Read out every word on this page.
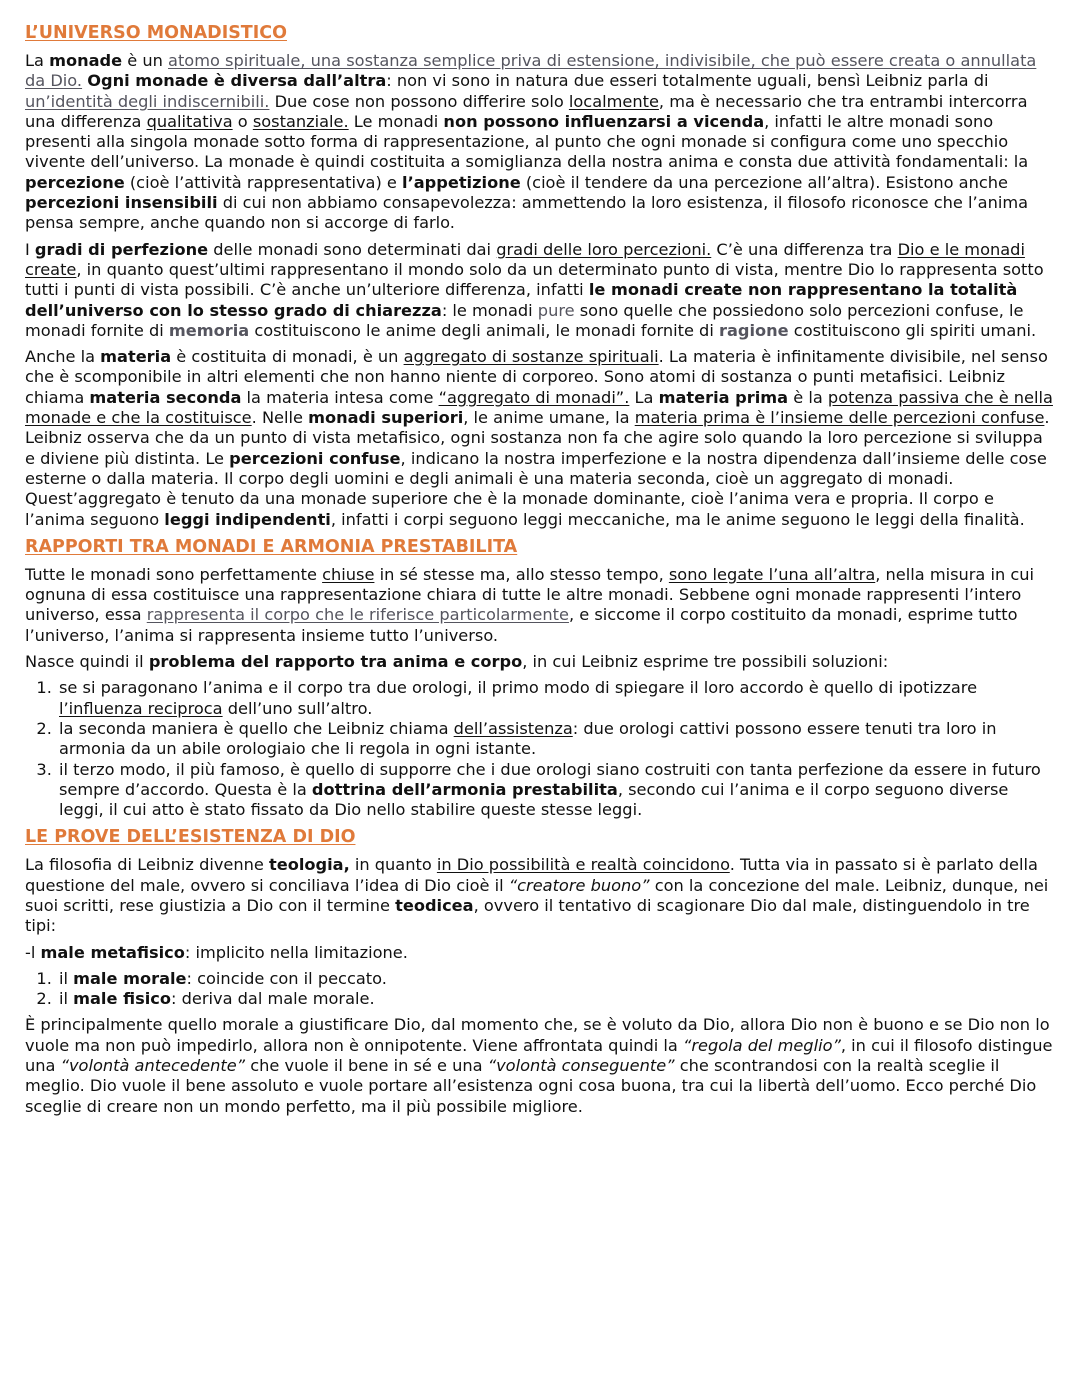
L’UNIVERSO MONADISTICO

La monade è un atomo spirituale, una sostanza semplice priva di estensione, indivisibile, che può essere creata o annullata da Dio. Ogni monade è diversa dall’altra: non vi sono in natura due esseri totalmente uguali, bensì Leibniz parla di un’identità degli indiscernibili. Due cose non possono differire solo localmente, ma è necessario che tra entrambi intercorra una differenza qualitativa o sostanziale. Le monadi non possono influenzarsi a vicenda, infatti le altre monadi sono presenti alla singola monade sotto forma di rappresentazione, al punto che ogni monade si configura come uno specchio vivente dell’universo. La monade è quindi costituita a somiglianza della nostra anima e consta due attività fondamentali: la percezione (cioè l’attività rappresentativa) e l’appetizione (cioè il tendere da una percezione all’altra). Esistono anche percezioni insensibili di cui non abbiamo consapevolezza: ammettendo la loro esistenza, il filosofo riconosce che l’anima pensa sempre, anche quando non si accorge di farlo.

I gradi di perfezione delle monadi sono determinati dai gradi delle loro percezioni. C’è una differenza tra Dio e le monadi create, in quanto quest’ultimi rappresentano il mondo solo da un determinato punto di vista, mentre Dio lo rappresenta sotto tutti i punti di vista possibili. C’è anche un’ulteriore differenza, infatti le monadi create non rappresentano la totalità dell’universo con lo stesso grado di chiarezza: le monadi pure sono quelle che possiedono solo percezioni confuse, le monadi fornite di memoria costituiscono le anime degli animali, le monadi fornite di ragione costituiscono gli spiriti umani.

Anche la materia è costituita di monadi, è un aggregato di sostanze spirituali. La materia è infinitamente divisibile, nel senso che è scomponibile in altri elementi che non hanno niente di corporeo. Sono atomi di sostanza o punti metafisici. Leibniz chiama materia seconda la materia intesa come “aggregato di monadi”. La materia prima è la potenza passiva che è nella monade e che la costituisce. Nelle monadi superiori, le anime umane, la materia prima è l’insieme delle percezioni confuse. Leibniz osserva che da un punto di vista metafisico, ogni sostanza non fa che agire solo quando la loro percezione si sviluppa e diviene più distinta. Le percezioni confuse, indicano la nostra imperfezione e la nostra dipendenza dall’insieme delle cose esterne o dalla materia. Il corpo degli uomini e degli animali è una materia seconda, cioè un aggregato di monadi. Quest’aggregato è tenuto da una monade superiore che è la monade dominante, cioè l’anima vera e propria. Il corpo e l’anima seguono leggi indipendenti, infatti i corpi seguono leggi meccaniche, ma le anime seguono le leggi della finalità.

RAPPORTI TRA MONADI E ARMONIA PRESTABILITA

Tutte le monadi sono perfettamente chiuse in sé stesse ma, allo stesso tempo, sono legate l’una all’altra, nella misura in cui ognuna di essa costituisce una rappresentazione chiara di tutte le altre monadi. Sebbene ogni monade rappresenti l’intero universo, essa rappresenta il corpo che le riferisce particolarmente, e siccome il corpo costituito da monadi, esprime tutto l’universo, l’anima si rappresenta insieme tutto l’universo.

Nasce quindi il problema del rapporto tra anima e corpo, in cui Leibniz esprime tre possibili soluzioni:

1. se si paragonano l’anima e il corpo tra due orologi, il primo modo di spiegare il loro accordo è quello di ipotizzare l’influenza reciproca dell’uno sull’altro.
2. la seconda maniera è quello che Leibniz chiama dell’assistenza: due orologi cattivi possono essere tenuti tra loro in armonia da un abile orologiaio che li regola in ogni istante.
3. il terzo modo, il più famoso, è quello di supporre che i due orologi siano costruiti con tanta perfezione da essere in futuro sempre d’accordo. Questa è la dottrina dell’armonia prestabilita, secondo cui l’anima e il corpo seguono diverse leggi, il cui atto è stato fissato da Dio nello stabilire queste stesse leggi.
LE PROVE DELL’ESISTENZA DI DIO

La filosofia di Leibniz divenne teologia, in quanto in Dio possibilità e realtà coincidono. Tutta via in passato si è parlato della questione del male, ovvero si conciliava l’idea di Dio cioè il “creatore buono” con la concezione del male. Leibniz, dunque, nei suoi scritti, rese giustizia a Dio con il termine teodicea, ovvero il tentativo di scagionare Dio dal male, distinguendolo in tre tipi:

-l male metafisico: implicito nella limitazione.

1. il male morale: coincide con il peccato.
2. il male fisico: deriva dal male morale.

È principalmente quello morale a giustificare Dio, dal momento che, se è voluto da Dio, allora Dio non è buono e se Dio non lo vuole ma non può impedirlo, allora non è onnipotente. Viene affrontata quindi la “regola del meglio”, in cui il filosofo distingue una “volontà antecedente” che vuole il bene in sé e una “volontà conseguente” che scontrandosi con la realtà sceglie il meglio. Dio vuole il bene assoluto e vuole portare all’esistenza ogni cosa buona, tra cui la libertà dell’uomo. Ecco perché Dio sceglie di creare non un mondo perfetto, ma il più possibile migliore.
